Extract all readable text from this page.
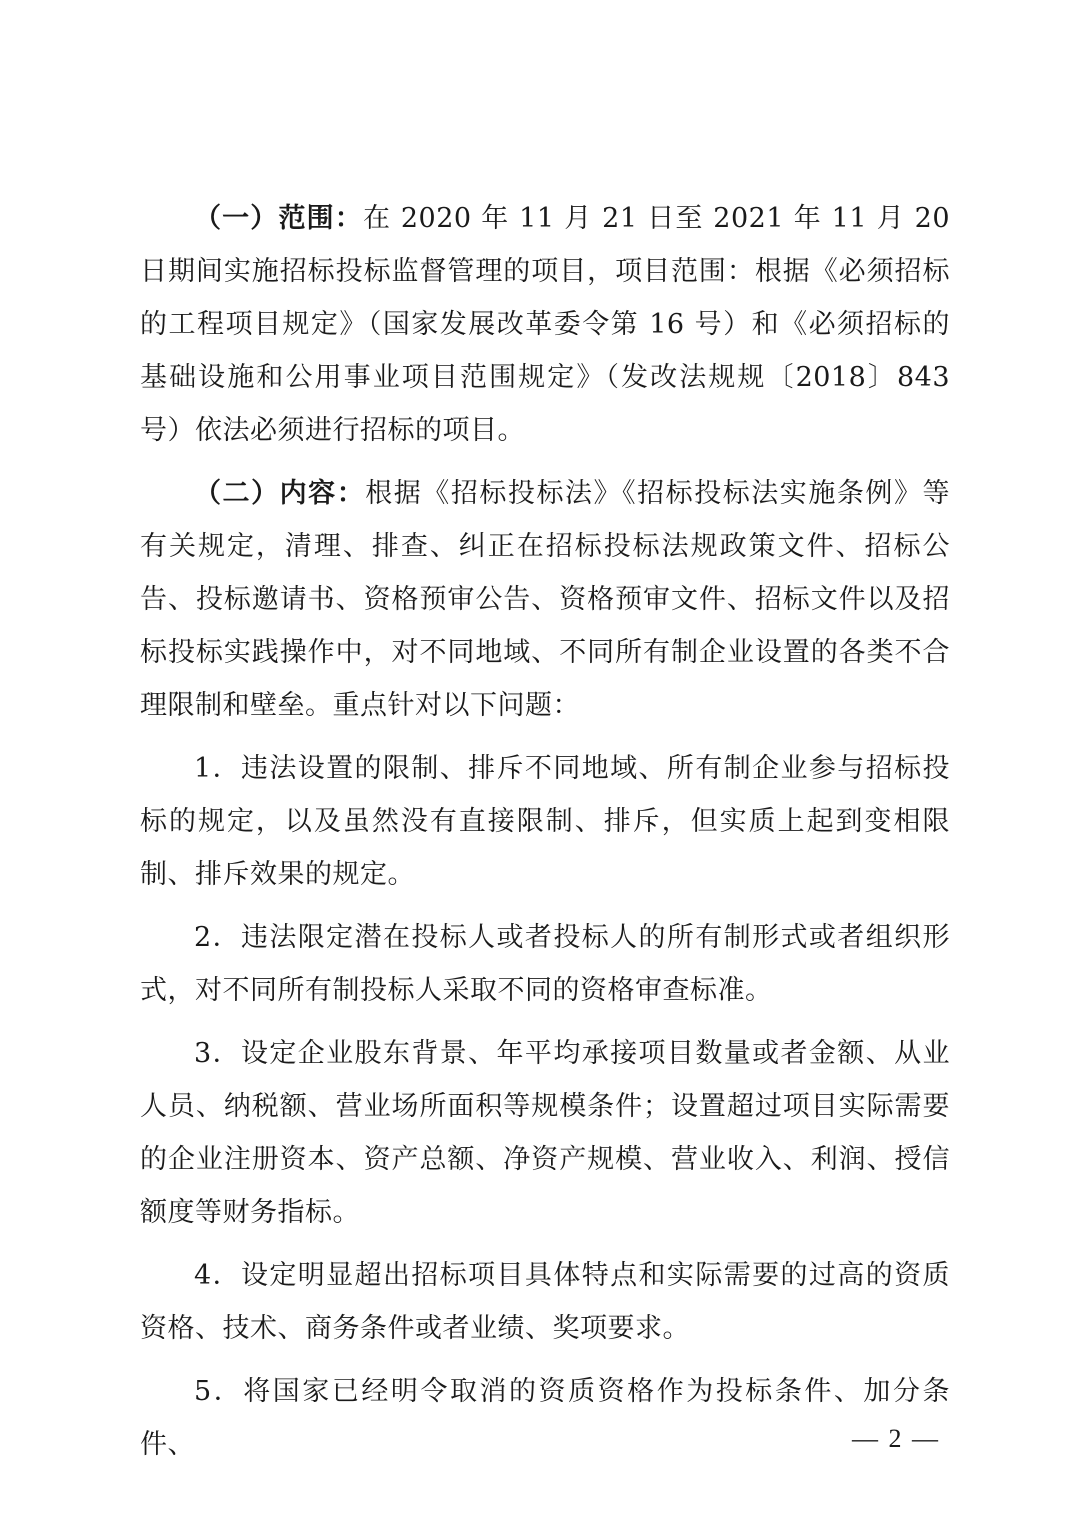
（一）范围：在 2020 年 11 月 21 日至 2021 年 11 月 20 日期间实施招标投标监督管理的项目，项目范围：根据《必须招标的工程项目规定》（国家发展改革委令第 16 号）和《必须招标的基础设施和公用事业项目范围规定》（发改法规规〔2018〕843 号）依法必须进行招标的项目。

（二）内容：根据《招标投标法》《招标投标法实施条例》等有关规定，清理、排查、纠正在招标投标法规政策文件、招标公告、投标邀请书、资格预审公告、资格预审文件、招标文件以及招标投标实践操作中，对不同地域、不同所有制企业设置的各类不合理限制和壁垒。重点针对以下问题：

1．违法设置的限制、排斥不同地域、所有制企业参与招标投标的规定，以及虽然没有直接限制、排斥，但实质上起到变相限制、排斥效果的规定。

2．违法限定潜在投标人或者投标人的所有制形式或者组织形式，对不同所有制投标人采取不同的资格审查标准。

3．设定企业股东背景、年平均承接项目数量或者金额、从业人员、纳税额、营业场所面积等规模条件；设置超过项目实际需要的企业注册资本、资产总额、净资产规模、营业收入、利润、授信额度等财务指标。

4．设定明显超出招标项目具体特点和实际需要的过高的资质资格、技术、商务条件或者业绩、奖项要求。

5．将国家已经明令取消的资质资格作为投标条件、加分条件、	— 2 —
